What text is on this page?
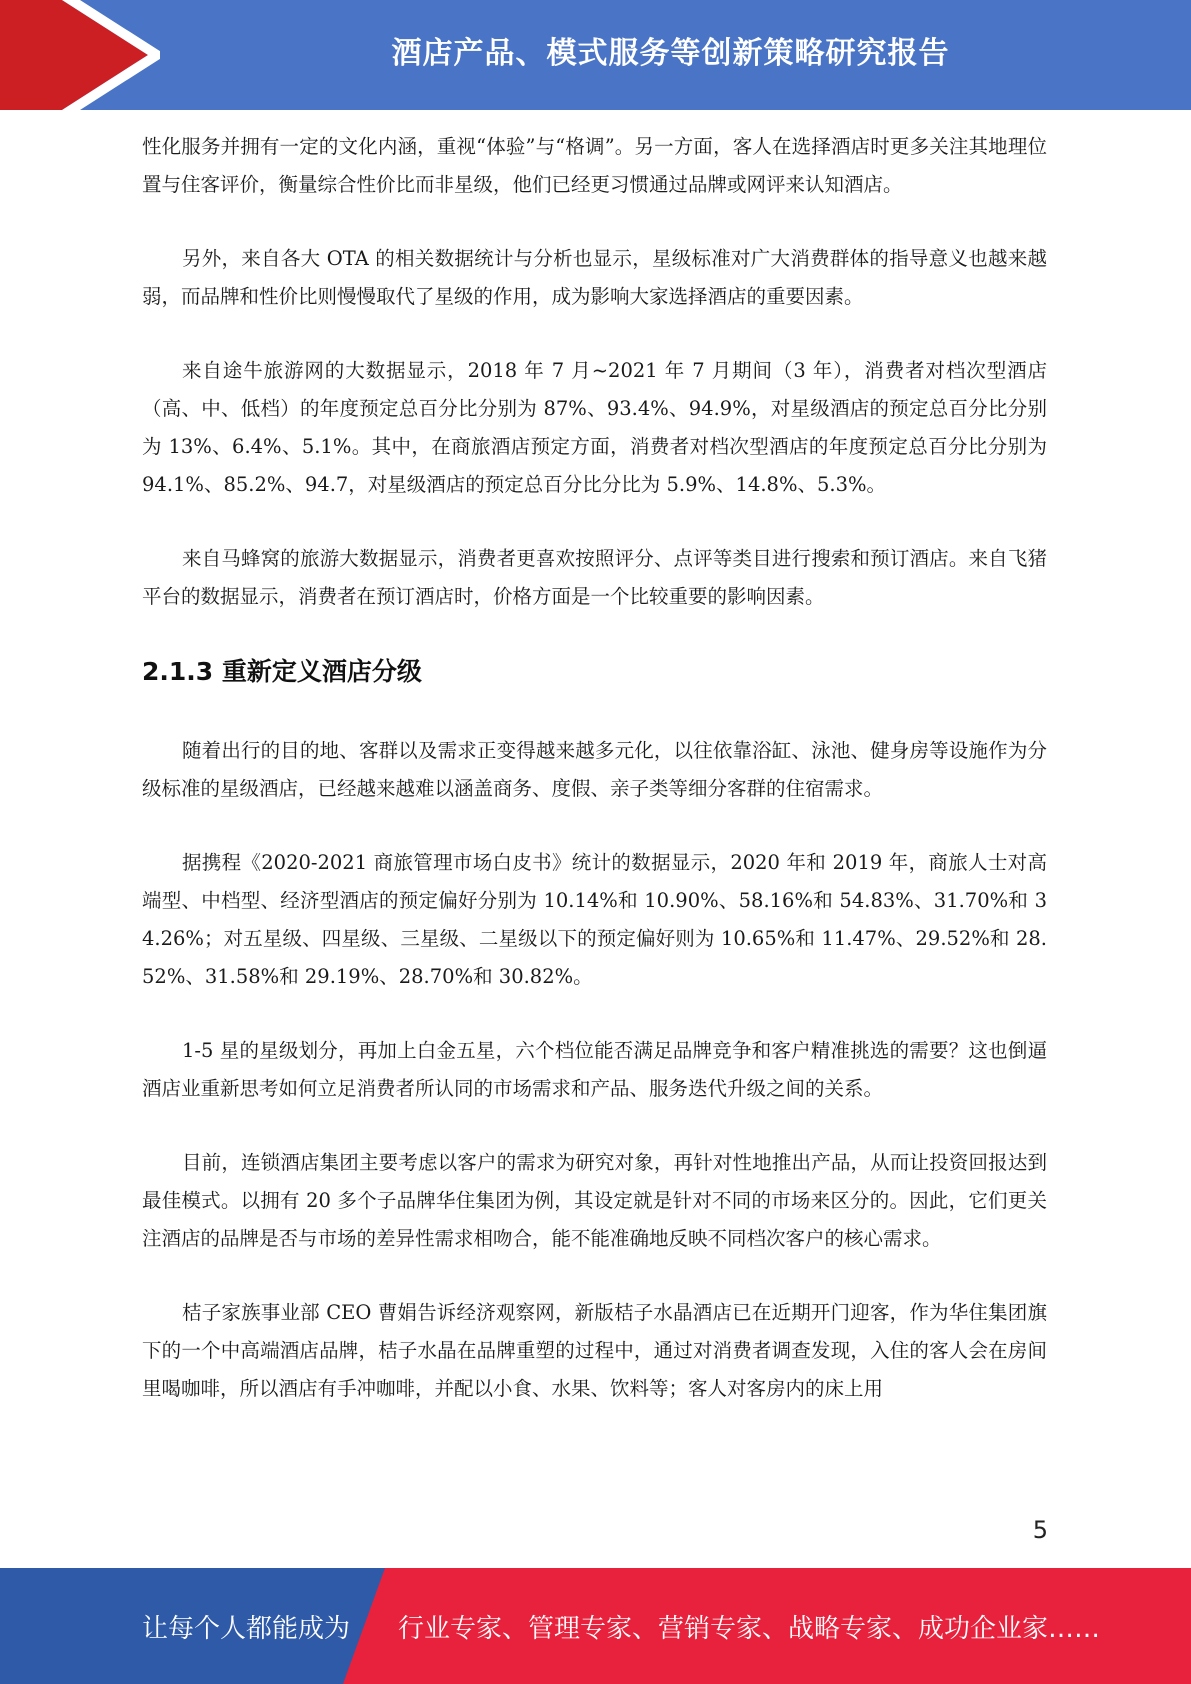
酒店产品、模式服务等创新策略研究报告

性化服务并拥有一定的文化内涵，重视“体验”与“格调”。另一方面，客人在选择酒店时更多关注其地理位置与住客评价，衡量综合性价比而非星级，他们已经更习惯通过品牌或网评来认知酒店。

另外，来自各大 OTA 的相关数据统计与分析也显示，星级标准对广大消费群体的指导意义也越来越弱，而品牌和性价比则慢慢取代了星级的作用，成为影响大家选择酒店的重要因素。

来自途牛旅游网的大数据显示，2018 年 7 月~2021 年 7 月期间（3 年），消费者对档次型酒店（高、中、低档）的年度预定总百分比分别为 87%、93.4%、94.9%，对星级酒店的预定总百分比分别为 13%、6.4%、5.1%。其中，在商旅酒店预定方面，消费者对档次型酒店的年度预定总百分比分别为 94.1%、85.2%、94.7，对星级酒店的预定总百分比分比为 5.9%、14.8%、5.3%。

来自马蜂窝的旅游大数据显示，消费者更喜欢按照评分、点评等类目进行搜索和预订酒店。来自飞猪平台的数据显示，消费者在预订酒店时，价格方面是一个比较重要的影响因素。

2.1.3 重新定义酒店分级

随着出行的目的地、客群以及需求正变得越来越多元化，以往依靠浴缸、泳池、健身房等设施作为分级标准的星级酒店，已经越来越难以涵盖商务、度假、亲子类等细分客群的住宿需求。

据携程《2020-2021 商旅管理市场白皮书》统计的数据显示，2020 年和 2019 年，商旅人士对高端型、中档型、经济型酒店的预定偏好分别为 10.14%和 10.90%、58.16%和 54.83%、31.70%和 34.26%；对五星级、四星级、三星级、二星级以下的预定偏好则为 10.65%和 11.47%、29.52%和 28.52%、31.58%和 29.19%、28.70%和 30.82%。

1-5 星的星级划分，再加上白金五星，六个档位能否满足品牌竞争和客户精准挑选的需要？这也倒逼酒店业重新思考如何立足消费者所认同的市场需求和产品、服务迭代升级之间的关系。

目前，连锁酒店集团主要考虑以客户的需求为研究对象，再针对性地推出产品，从而让投资回报达到最佳模式。以拥有 20 多个子品牌华住集团为例，其设定就是针对不同的市场来区分的。因此，它们更关注酒店的品牌是否与市场的差异性需求相吻合，能不能准确地反映不同档次客户的核心需求。

桔子家族事业部 CEO 曹娟告诉经济观察网，新版桔子水晶酒店已在近期开门迎客，作为华住集团旗下的一个中高端酒店品牌，桔子水晶在品牌重塑的过程中，通过对消费者调查发现，入住的客人会在房间里喝咖啡，所以酒店有手冲咖啡，并配以小食、水果、饮料等；客人对客房内的床上用

5
让每个人都能成为 行业专家、管理专家、营销专家、战略专家、成功企业家……
